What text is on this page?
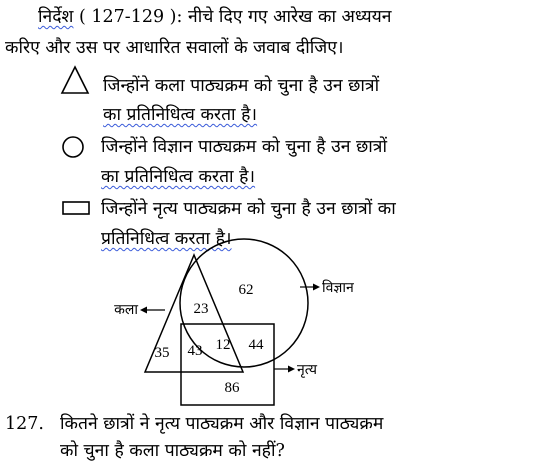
निर्देश ( 127-129 ): नीचे दिए गए आरेख का अध्ययन
करिए और उस पर आधारित सवालों के जवाब दीजिए।
जिन्होंने कला पाठ्यक्रम को चुना है उन छात्रों
का प्रतिनिधित्व करता है।
जिन्होंने विज्ञान पाठ्यक्रम को चुना है उन छात्रों
का प्रतिनिधित्व करता है।
जिन्होंने नृत्य पाठ्यक्रम को चुना है उन छात्रों का
प्रतिनिधित्व करता है।
कला
विज्ञान
नृत्य
62
23
35 43 12 44
86
127. कितने छात्रों ने नृत्य पाठ्यक्रम और विज्ञान पाठ्यक्रम
को चुना है कला पाठ्यक्रम को नहीं?
